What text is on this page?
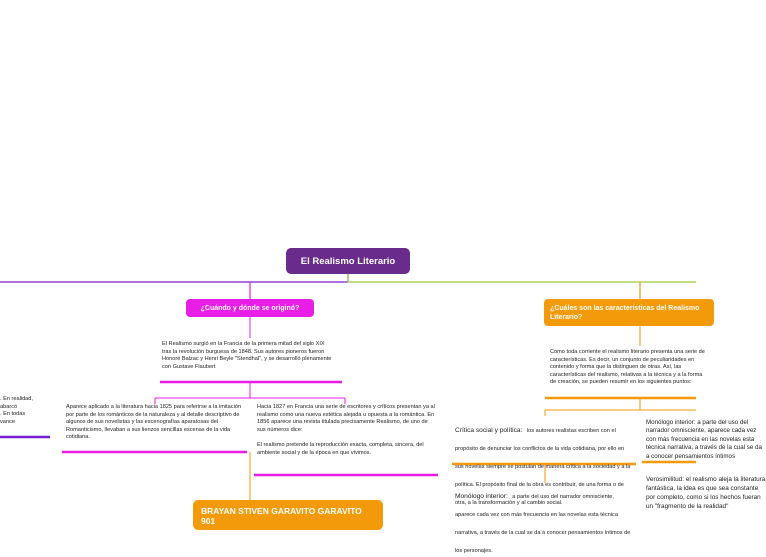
El Realismo Literario
. En realidad,
abarcó
. En todas
vance
¿Cuándo y dónde se originó?
El Realismo surgió en la Francia de la primera mitad del siglo XIX tras la revolución burguesa de 1848. Sus autores pioneros fueron Honoré Balzac y Henri Beyle "Stendhal", y se desarrolló plenamente con Gustave Flaubert
Aparece aplicado a la literatura hacia 1825 para referirse a la imitación por parte de los románticos de la naturaleza y al detalle descriptivo de algunos de sus novelistas y las escenografías aparatosas del Romanticismo, llevaban a sus lienzos sencillas escenas de la vida cotidiana.
Hacia 1827 en Francia una serie de escritores y críticos presentan ya al realismo como una nueva estética alejada u opuesta a la romántica. En 1856 aparece una revista titulada precisamente Realismo, de uno de sus números dice:

El realismo pretende la reproducción exacta, completa, sincera, del ambiente social y de la época en que vivimos.
BRAYAN STIVEN GARAVITO GARAVITO 901
¿Cuáles son las características del Realismo Literario?
Como toda corriente el realismo literario presenta una serie de características. Es decir, un conjunto de peculiaridades en contenido y forma que la distinguen de otras. Así, las características del realismo, relativas a la técnica y a la forma de creación, se pueden resumir en los siguientes puntos:
Crítica social y política: los autores realistas escriben con el propósito de denunciar los conflictos de la vida cotidiana, por ello en sus novelas siempre se postulan de manera crítica a la sociedad y a la política. El propósito final de la obra es contribuir, de una forma o de otra, a la transformación y al cambio social.
Monólogo interior: a parte del uso del narrador omnisciente, aparece cada vez con más frecuencia en las novelas esta técnica narrativa, a través de la cual se da a conocer pensamientos íntimos de los personajes.
Monólogo interior: a parte del uso del narrador omnisciente, aparece cada vez con más frecuencia en las novelas esta técnica narrativa, a través de la cual se da a conocer pensamientos íntimos
Verosimilitud: el realismo aleja la literatura fantástica, la idea es que sea constante por completo, como si los hechos fueran un "fragmento de la realidad"
